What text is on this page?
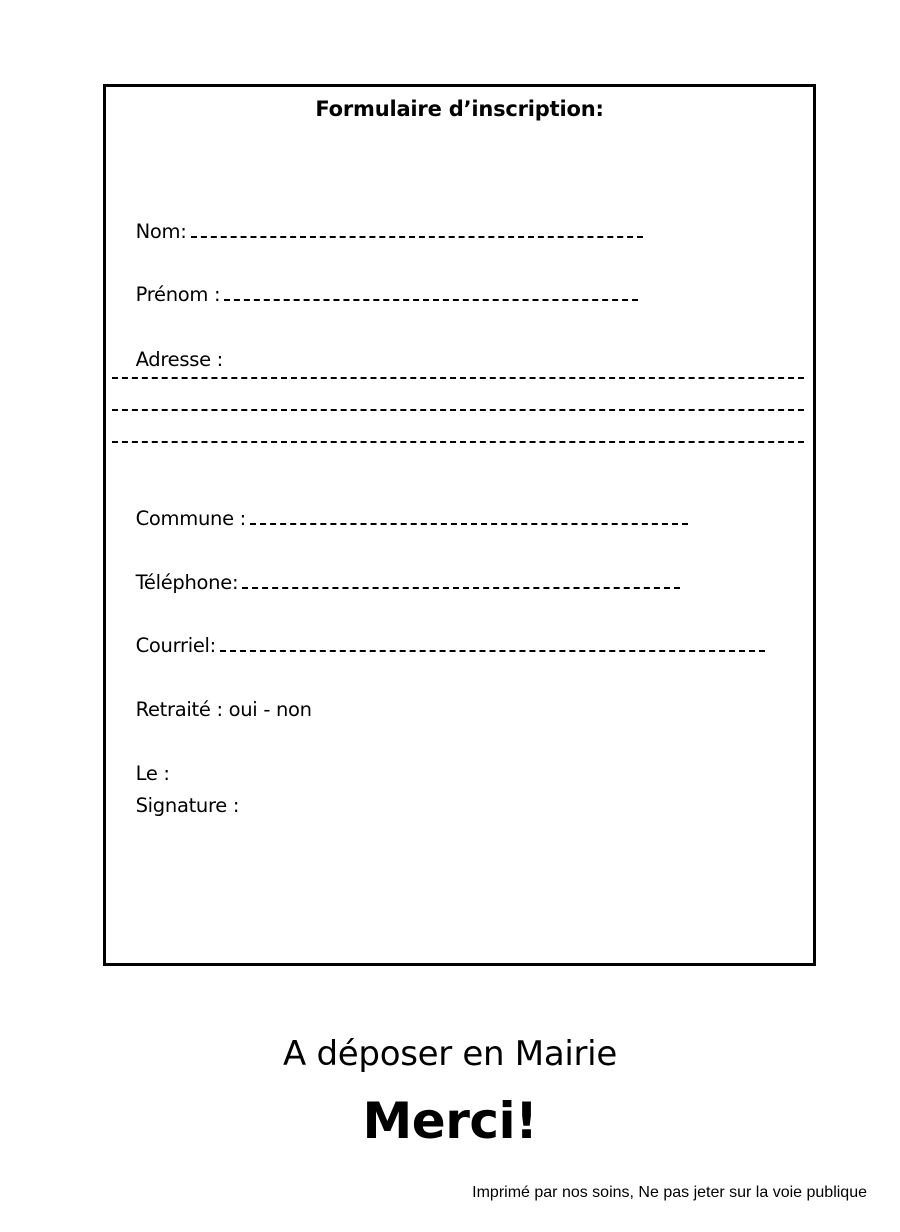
Formulaire d’inscription:

Nom:

Prénom :

Adresse :

Commune :

Téléphone:

Courriel:

Retraité : oui - non

Le :

Signature :

A déposer en Mairie
Merci!
Imprimé par nos soins, Ne pas jeter sur la voie publique
